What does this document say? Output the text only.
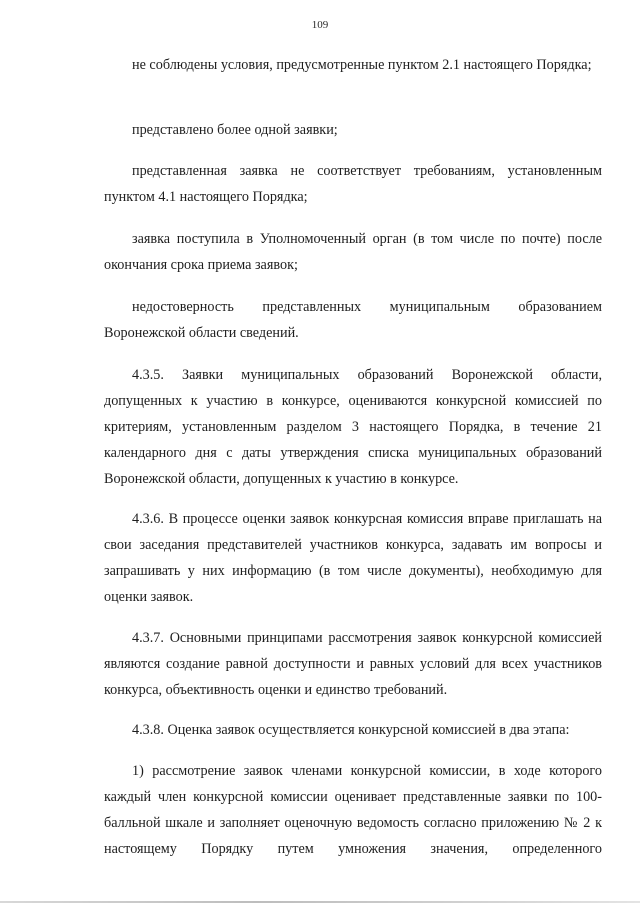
109

не соблюдены условия, предусмотренные пунктом 2.1 настоящего Порядка;

представлено более одной заявки;

представленная заявка не соответствует требованиям, установленным пунктом 4.1 настоящего Порядка;

заявка поступила в Уполномоченный орган (в том числе по почте) после окончания срока приема заявок;

недостоверность представленных муниципальным образованием Воронежской области сведений.

4.3.5. Заявки муниципальных образований Воронежской области, допущенных к участию в конкурсе, оцениваются конкурсной комиссией по критериям, установленным разделом 3 настоящего Порядка, в течение 21 календарного дня с даты утверждения списка муниципальных образований Воронежской области, допущенных к участию в конкурсе.

4.3.6. В процессе оценки заявок конкурсная комиссия вправе приглашать на свои заседания представителей участников конкурса, задавать им вопросы и запрашивать у них информацию (в том числе документы), необходимую для оценки заявок.

4.3.7. Основными принципами рассмотрения заявок конкурсной комиссией являются создание равной доступности и равных условий для всех участников конкурса, объективность оценки и единство требований.

4.3.8. Оценка заявок осуществляется конкурсной комиссией в два этапа:

1) рассмотрение заявок членами конкурсной комиссии, в ходе которого каждый член конкурсной комиссии оценивает представленные заявки по 100-балльной шкале и заполняет оценочную ведомость согласно приложению № 2 к настоящему Порядку путем умножения значения, определенного
